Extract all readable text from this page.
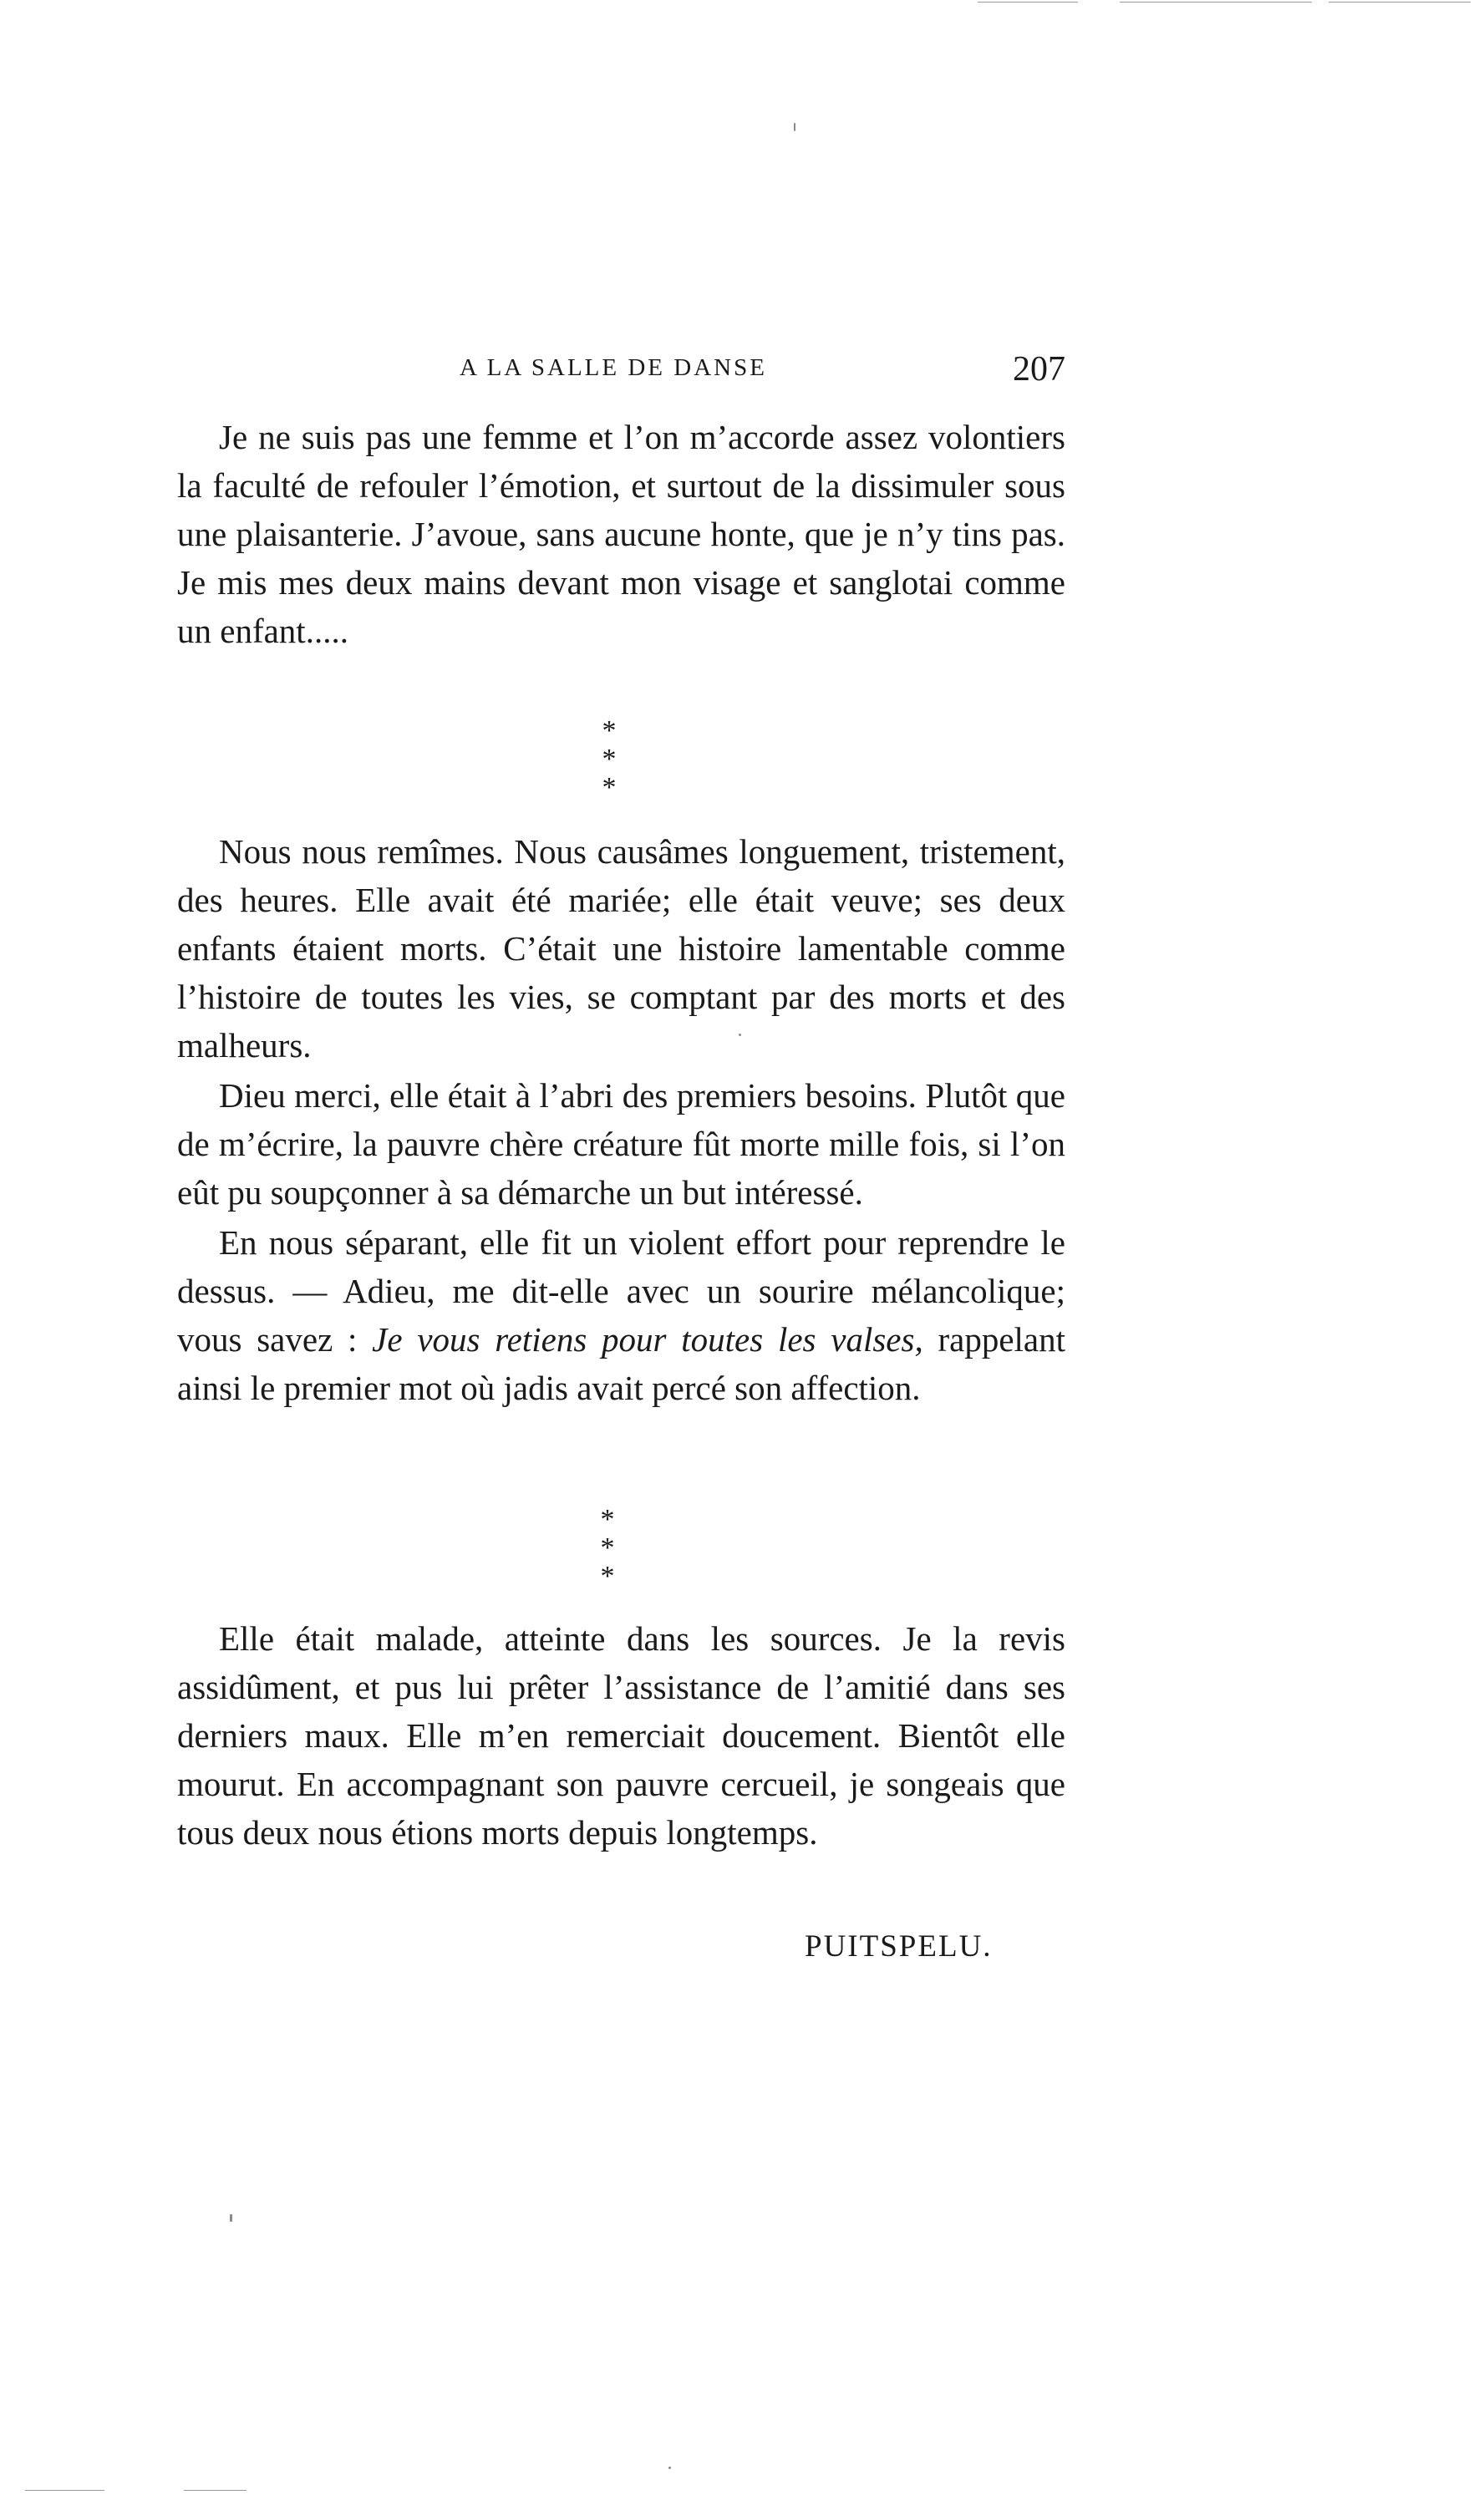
A LA SALLE DE DANSE	207

Je ne suis pas une femme et l’on m’accorde assez volontiers la faculté de refouler l’émotion, et surtout de la dissimuler sous une plaisanterie. J’avoue, sans aucune honte, que je n’y tins pas. Je mis mes deux mains devant mon visage et sanglotai comme un enfant.....

*
* *

Nous nous remîmes. Nous causâmes longuement, tristement, des heures. Elle avait été mariée; elle était veuve; ses deux enfants étaient morts. C’était une histoire lamentable comme l’histoire de toutes les vies, se comptant par des morts et des malheurs.

Dieu merci, elle était à l’abri des premiers besoins. Plutôt que de m’écrire, la pauvre chère créature fût morte mille fois, si l’on eût pu soupçonner à sa démarche un but intéressé.

En nous séparant, elle fit un violent effort pour reprendre le dessus. — Adieu, me dit-elle avec un sourire mélancolique; vous savez : Je vous retiens pour toutes les valses, rappelant ainsi le premier mot où jadis avait percé son affection.

*
* *

Elle était malade, atteinte dans les sources. Je la revis assidûment, et pus lui prêter l’assistance de l’amitié dans ses derniers maux. Elle m’en remerciait doucement. Bientôt elle mourut. En accompagnant son pauvre cercueil, je songeais que tous deux nous étions morts depuis longtemps.

PUITSPELU.
